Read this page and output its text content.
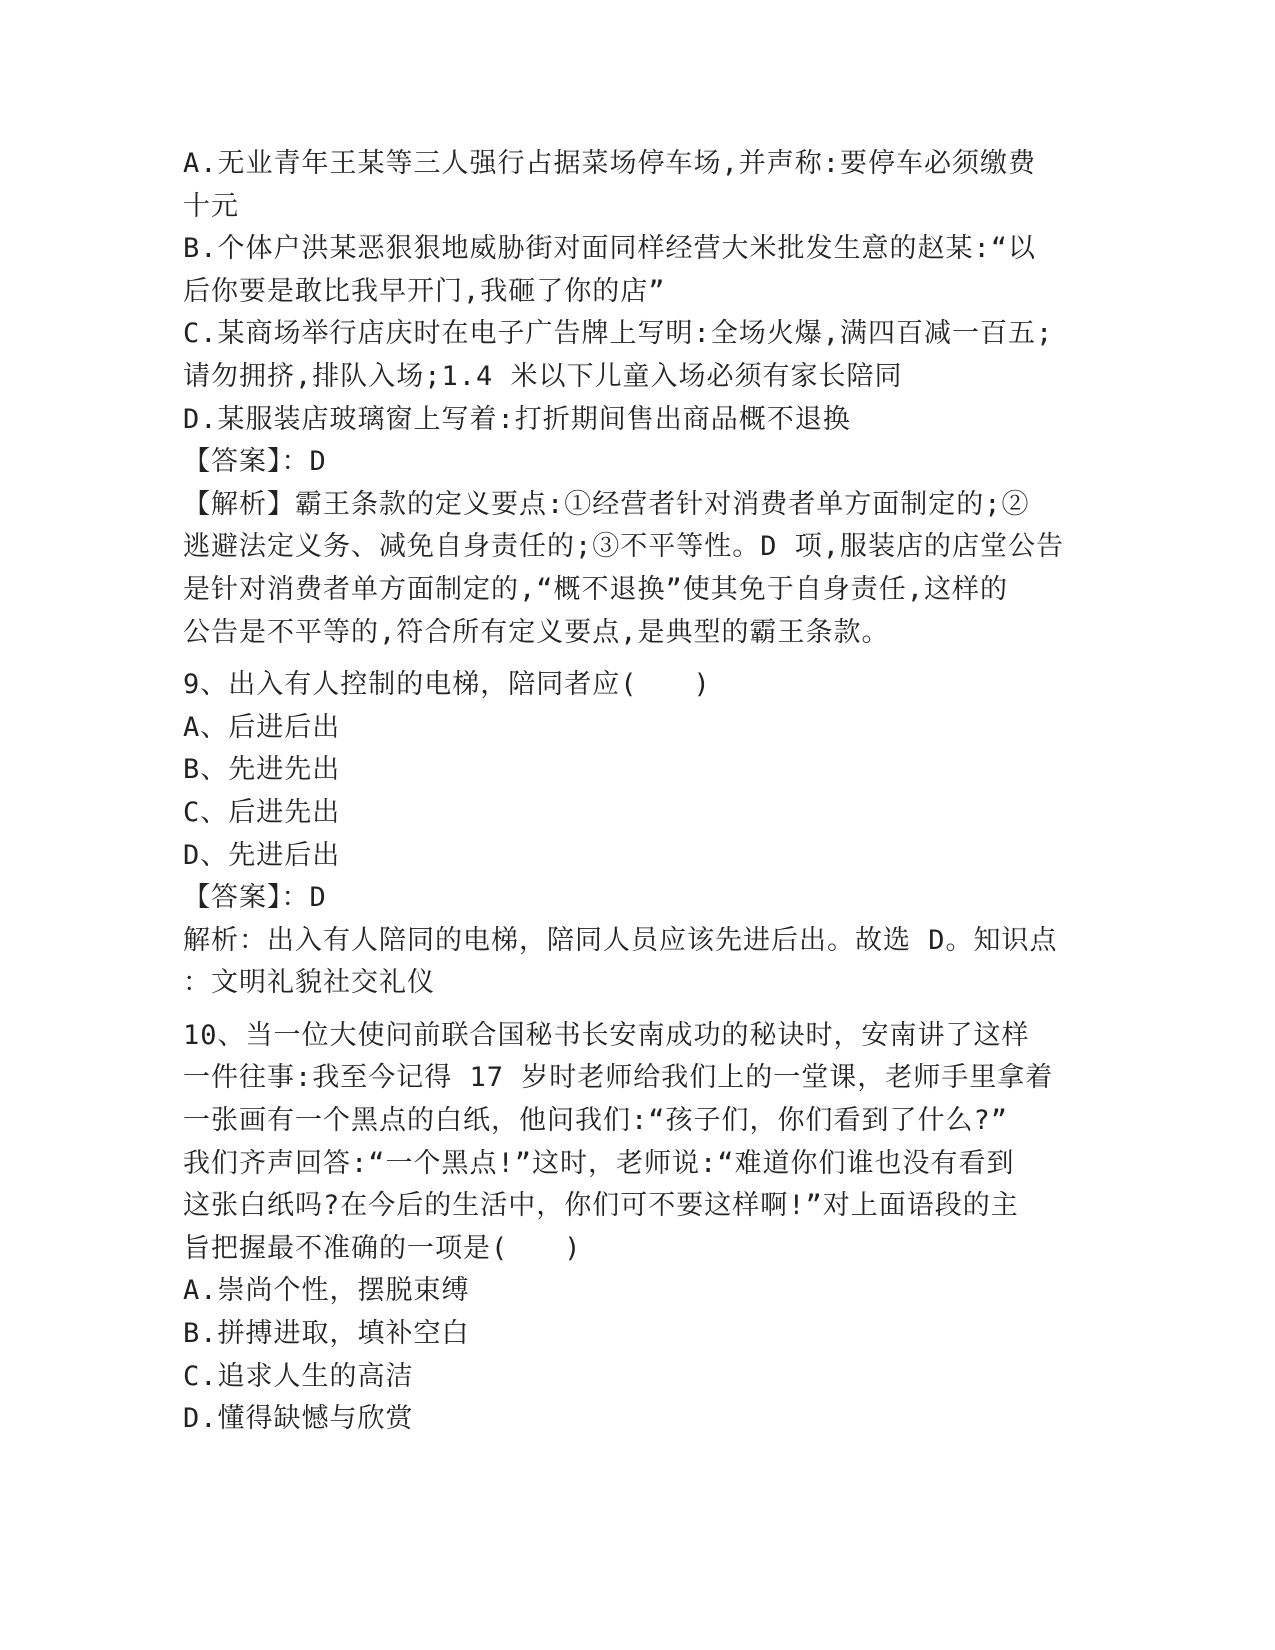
A.无业青年王某等三人强行占据菜场停车场,并声称:要停车必须缴费
十元
B.个体户洪某恶狠狠地威胁街对面同样经营大米批发生意的赵某:“以
后你要是敢比我早开门,我砸了你的店”
C.某商场举行店庆时在电子广告牌上写明:全场火爆,满四百减一百五;
请勿拥挤,排队入场;1.4 米以下儿童入场必须有家长陪同
D.某服装店玻璃窗上写着:打折期间售出商品概不退换
【答案】：D
【解析】霸王条款的定义要点:①经营者针对消费者单方面制定的;②
逃避法定义务、减免自身责任的;③不平等性。D 项,服装店的店堂公告
是针对消费者单方面制定的,“概不退换”使其免于自身责任,这样的
公告是不平等的,符合所有定义要点,是典型的霸王条款。
9、出入有人控制的电梯，陪同者应(　　)
A、后进后出
B、先进先出
C、后进先出
D、先进后出
【答案】：D
解析：出入有人陪同的电梯，陪同人员应该先进后出。故选 D。知识点
：文明礼貌社交礼仪
10、当一位大使问前联合国秘书长安南成功的秘诀时，安南讲了这样
一件往事:我至今记得 17 岁时老师给我们上的一堂课，老师手里拿着
一张画有一个黑点的白纸，他问我们:“孩子们，你们看到了什么?”
我们齐声回答:“一个黑点!”这时，老师说:“难道你们谁也没有看到
这张白纸吗?在今后的生活中，你们可不要这样啊!”对上面语段的主
旨把握最不准确的一项是(　　)
A.崇尚个性，摆脱束缚
B.拼搏进取，填补空白
C.追求人生的高洁
D.懂得缺憾与欣赏
